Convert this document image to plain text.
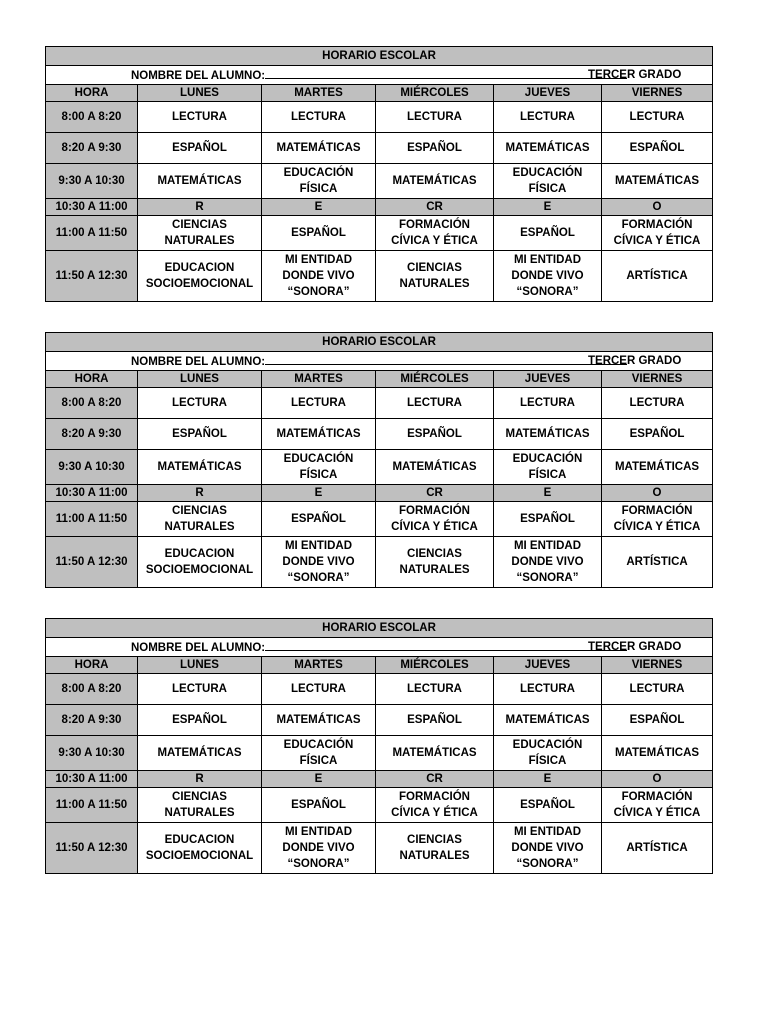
HORARIO ESCOLAR					
NOMBRE DEL ALUMNO: TERCER GRADO					

HORA	LUNES	MARTES	MIÉRCOLES	JUEVES	VIERNES
8:00 A 8:20	LECTURA	LECTURA	LECTURA	LECTURA	LECTURA
8:20 A 9:30	ESPAÑOL	MATEMÁTICAS	ESPAÑOL	MATEMÁTICAS	ESPAÑOL
9:30 A 10:30	MATEMÁTICAS	EDUCACIÓN
FÍSICA	MATEMÁTICAS	EDUCACIÓN
FÍSICA	MATEMÁTICAS
10:30 A 11:00	R	E	CR	E	O
11:00 A 11:50	CIENCIAS
NATURALES	ESPAÑOL	FORMACIÓN
CÍVICA Y ÉTICA	ESPAÑOL	FORMACIÓN
CÍVICA Y ÉTICA
11:50 A 12:30	EDUCACION
SOCIOEMOCIONAL	MI ENTIDAD
DONDE VIVO
“SONORA”	CIENCIAS
NATURALES	MI ENTIDAD
DONDE VIVO
“SONORA”	ARTÍSTICA
HORARIO ESCOLAR					
NOMBRE DEL ALUMNO: TERCER GRADO					

HORA	LUNES	MARTES	MIÉRCOLES	JUEVES	VIERNES
8:00 A 8:20	LECTURA	LECTURA	LECTURA	LECTURA	LECTURA
8:20 A 9:30	ESPAÑOL	MATEMÁTICAS	ESPAÑOL	MATEMÁTICAS	ESPAÑOL
9:30 A 10:30	MATEMÁTICAS	EDUCACIÓN
FÍSICA	MATEMÁTICAS	EDUCACIÓN
FÍSICA	MATEMÁTICAS
10:30 A 11:00	R	E	CR	E	O
11:00 A 11:50	CIENCIAS
NATURALES	ESPAÑOL	FORMACIÓN
CÍVICA Y ÉTICA	ESPAÑOL	FORMACIÓN
CÍVICA Y ÉTICA
11:50 A 12:30	EDUCACION
SOCIOEMOCIONAL	MI ENTIDAD
DONDE VIVO
“SONORA”	CIENCIAS
NATURALES	MI ENTIDAD
DONDE VIVO
“SONORA”	ARTÍSTICA
HORARIO ESCOLAR					
NOMBRE DEL ALUMNO: TERCER GRADO					

HORA	LUNES	MARTES	MIÉRCOLES	JUEVES	VIERNES
8:00 A 8:20	LECTURA	LECTURA	LECTURA	LECTURA	LECTURA
8:20 A 9:30	ESPAÑOL	MATEMÁTICAS	ESPAÑOL	MATEMÁTICAS	ESPAÑOL
9:30 A 10:30	MATEMÁTICAS	EDUCACIÓN
FÍSICA	MATEMÁTICAS	EDUCACIÓN
FÍSICA	MATEMÁTICAS
10:30 A 11:00	R	E	CR	E	O
11:00 A 11:50	CIENCIAS
NATURALES	ESPAÑOL	FORMACIÓN
CÍVICA Y ÉTICA	ESPAÑOL	FORMACIÓN
CÍVICA Y ÉTICA
11:50 A 12:30	EDUCACION
SOCIOEMOCIONAL	MI ENTIDAD
DONDE VIVO
“SONORA”	CIENCIAS
NATURALES	MI ENTIDAD
DONDE VIVO
“SONORA”	ARTÍSTICA
